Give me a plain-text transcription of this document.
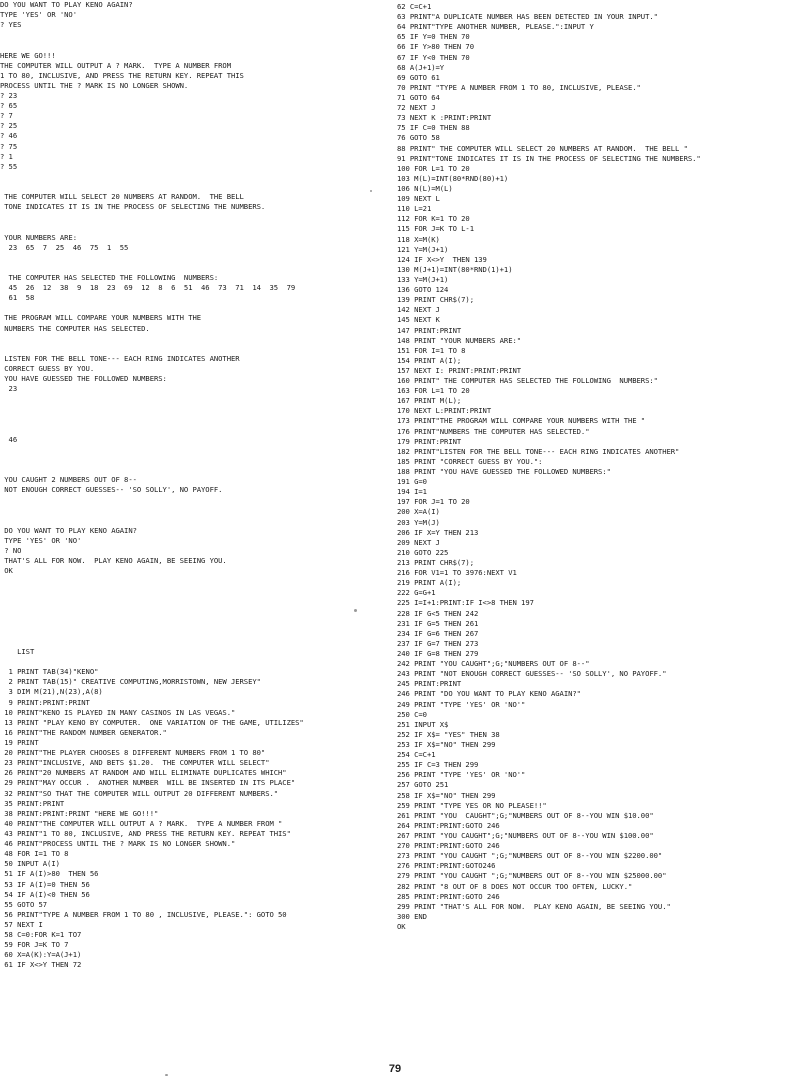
DO YOU WANT TO PLAY KENO AGAIN?
TYPE 'YES' OR 'NO'
? YES
HERE WE GO!!!
THE COMPUTER WILL OUTPUT A ? MARK.  TYPE A NUMBER FROM
1 TO 80, INCLUSIVE, AND PRESS THE RETURN KEY. REPEAT THIS
PROCESS UNTIL THE ? MARK IS NO LONGER SHOWN.
? 23
? 65
? 7
? 25
? 46
? 75
? 1
? 55
THE COMPUTER WILL SELECT 20 NUMBERS AT RANDOM.  THE BELL
TONE INDICATES IT IS IN THE PROCESS OF SELECTING THE NUMBERS.
YOUR NUMBERS ARE:
23  65  7  25  46  75  1  55
THE COMPUTER HAS SELECTED THE FOLLOWING  NUMBERS:
45  26  12  38  9  18  23  69  12  8  6  51  46  73  71  14  35  79
61  58
THE PROGRAM WILL COMPARE YOUR NUMBERS WITH THE
NUMBERS THE COMPUTER HAS SELECTED.
LISTEN FOR THE BELL TONE--- EACH RING INDICATES ANOTHER
CORRECT GUESS BY YOU.
YOU HAVE GUESSED THE FOLLOWED NUMBERS:
23
46
YOU CAUGHT 2 NUMBERS OUT OF 8--
NOT ENOUGH CORRECT GUESSES-- 'SO SOLLY', NO PAYOFF.
DO YOU WANT TO PLAY KENO AGAIN?
TYPE 'YES' OR 'NO'
? NO
THAT'S ALL FOR NOW.  PLAY KENO AGAIN, BE SEEING YOU.
OK
LIST
1 PRINT TAB(34)"KENO"
2 PRINT TAB(15)" CREATIVE COMPUTING,MORRISTOWN, NEW JERSEY"
3 DIM M(21),N(23),A(8)
9 PRINT:PRINT:PRINT
10 PRINT"KENO IS PLAYED IN MANY CASINOS IN LAS VEGAS."
13 PRINT "PLAY KENO BY COMPUTER.  ONE VARIATION OF THE GAME, UTILIZES"
16 PRINT"THE RANDOM NUMBER GENERATOR."
19 PRINT
20 PRINT"THE PLAYER CHOOSES 8 DIFFERENT NUMBERS FROM 1 TO 80"
23 PRINT"INCLUSIVE, AND BETS $1.20.  THE COMPUTER WILL SELECT"
26 PRINT"20 NUMBERS AT RANDOM AND WILL ELIMINATE DUPLICATES WHICH"
29 PRINT"MAY OCCUR .  ANOTHER NUMBER  WILL BE INSERTED IN ITS PLACE"
32 PRINT"SO THAT THE COMPUTER WILL OUTPUT 20 DIFFERENT NUMBERS."
35 PRINT:PRINT
38 PRINT:PRINT:PRINT "HERE WE GO!!!"
40 PRINT"THE COMPUTER WILL OUTPUT A ? MARK.  TYPE A NUMBER FROM "
43 PRINT"1 TO 80, INCLUSIVE, AND PRESS THE RETURN KEY. REPEAT THIS"
46 PRINT"PROCESS UNTIL THE ? MARK IS NO LONGER SHOWN."
48 FOR I=1 TO 8
50 INPUT A(I)
51 IF A(I)>80  THEN 56
53 IF A(I)=0 THEN 56
54 IF A(I)<0 THEN 56
55 GOTO 57
56 PRINT"TYPE A NUMBER FROM 1 TO 80 , INCLUSIVE, PLEASE.": GOTO 50
57 NEXT I
58 C=0:FOR K=1 TO7
59 FOR J=K TO 7
60 X=A(K):Y=A(J+1)
61 IF X<>Y THEN 72
62 C=C+1
63 PRINT"A DUPLICATE NUMBER HAS BEEN DETECTED IN YOUR INPUT."
64 PRINT"TYPE ANOTHER NUMBER, PLEASE.":INPUT Y
65 IF Y=0 THEN 70
66 IF Y>80 THEN 70
67 IF Y<0 THEN 70
68 A(J+1)=Y
69 GOTO 61
70 PRINT "TYPE A NUMBER FROM 1 TO 80, INCLUSIVE, PLEASE."
71 GOTO 64
72 NEXT J
73 NEXT K :PRINT:PRINT
75 IF C=0 THEN 88
76 GOTO 58
88 PRINT" THE COMPUTER WILL SELECT 20 NUMBERS AT RANDOM.  THE BELL "
91 PRINT"TONE INDICATES IT IS IN THE PROCESS OF SELECTING THE NUMBERS."
100 FOR L=1 TO 20
103 M(L)=INT(80*RND(80)+1)
106 N(L)=M(L)
109 NEXT L
110 L=21
112 FOR K=1 TO 20
115 FOR J=K TO L-1
118 X=M(K)
121 Y=M(J+1)
124 IF X<>Y  THEN 139
130 M(J+1)=INT(80*RND(1)+1)
133 Y=M(J+1)
136 GOTO 124
139 PRINT CHR$(7);
142 NEXT J
145 NEXT K
147 PRINT:PRINT
148 PRINT "YOUR NUMBERS ARE:"
151 FOR I=1 TO 8
154 PRINT A(I);
157 NEXT I: PRINT:PRINT:PRINT
160 PRINT" THE COMPUTER HAS SELECTED THE FOLLOWING  NUMBERS:"
163 FOR L=1 TO 20
167 PRINT M(L);
170 NEXT L:PRINT:PRINT
173 PRINT"THE PROGRAM WILL COMPARE YOUR NUMBERS WITH THE "
176 PRINT"NUMBERS THE COMPUTER HAS SELECTED."
179 PRINT:PRINT
182 PRINT"LISTEN FOR THE BELL TONE--- EACH RING INDICATES ANOTHER"
185 PRINT "CORRECT GUESS BY YOU.":
188 PRINT "YOU HAVE GUESSED THE FOLLOWED NUMBERS:"
191 G=0
194 I=1
197 FOR J=1 TO 20
200 X=A(I)
203 Y=M(J)
206 IF X=Y THEN 213
209 NEXT J
210 GOTO 225
213 PRINT CHR$(7);
216 FOR V1=1 TO 3976:NEXT V1
219 PRINT A(I);
222 G=G+1
225 I=I+1:PRINT:IF I<>8 THEN 197
228 IF G<5 THEN 242
231 IF G=5 THEN 261
234 IF G=6 THEN 267
237 IF G=7 THEN 273
240 IF G=8 THEN 279
242 PRINT "YOU CAUGHT";G;"NUMBERS OUT OF 8--"
243 PRINT "NOT ENOUGH CORRECT GUESSES-- 'SO SOLLY', NO PAYOFF."
245 PRINT:PRINT
246 PRINT "DO YOU WANT TO PLAY KENO AGAIN?"
249 PRINT "TYPE 'YES' OR 'NO'"
250 C=0
251 INPUT X$
252 IF X$= "YES" THEN 38
253 IF X$="NO" THEN 299
254 C=C+1
255 IF C=3 THEN 299
256 PRINT "TYPE 'YES' OR 'NO'"
257 GOTO 251
258 IF X$="NO" THEN 299
259 PRINT "TYPE YES OR NO PLEASE!!"
261 PRINT "YOU  CAUGHT";G;"NUMBERS OUT OF 8--YOU WIN $10.00"
264 PRINT:PRINT:GOTO 246
267 PRINT "YOU CAUGHT";G;"NUMBERS OUT OF 8--YOU WIN $100.00"
270 PRINT:PRINT:GOTO 246
273 PRINT "YOU CAUGHT ";G;"NUMBERS OUT OF 8--YOU WIN $2200.00"
276 PRINT:PRINT:GOTO246
279 PRINT "YOU CAUGHT ";G;"NUMBERS OUT OF 8--YOU WIN $25000.00"
282 PRINT "8 OUT OF 8 DOES NOT OCCUR TOO OFTEN, LUCKY."
285 PRINT:PRINT:GOTO 246
299 PRINT "THAT'S ALL FOR NOW.  PLAY KENO AGAIN, BE SEEING YOU."
300 END
OK
79
